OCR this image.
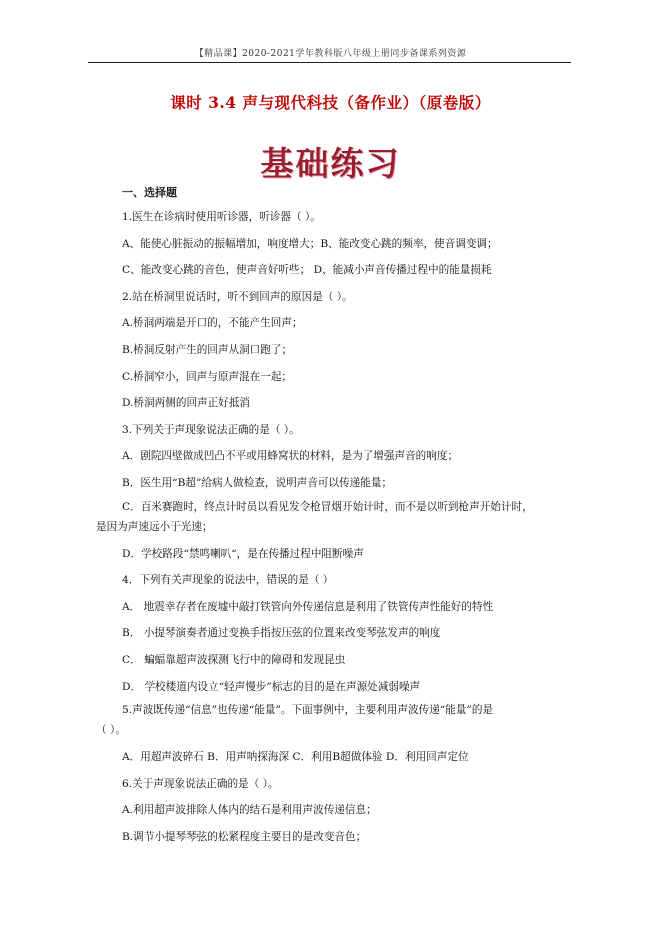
【精品课】2020-2021学年教科版八年级上册同步备课系列资源
课时 3.4 声与现代科技（备作业）（原卷版）
基础练习
一、选择题
1.医生在诊病时使用听诊器，听诊器（ ）。
A、能使心脏振动的振幅增加，响度增大；B、能改变心跳的频率，使音调变调；
C、能改变心跳的音色，使声音好听些； D、能减小声音传播过程中的能量损耗
2.站在桥洞里说话时，听不到回声的原因是（ ）。
A.桥洞两端是开口的，不能产生回声；
B.桥洞反射产生的回声从洞口跑了；
C.桥洞窄小，回声与原声混在一起；
D.桥洞两侧的回声正好抵消
3.下列关于声现象说法正确的是（ ）。
A．剧院四壁做成凹凸不平或用蜂窝状的材料，是为了增强声音的响度；
B．医生用“B超”给病人做检查，说明声音可以传递能量；
C．百米赛跑时，终点计时员以看见发令枪冒烟开始计时，而不是以听到枪声开始计时，
是因为声速远小于光速；
D．学校路段“禁鸣喇叭“，是在传播过程中阻断噪声
4．下列有关声现象的说法中，错误的是（ ）
A． 地震幸存者在废墟中敲打铁管向外传递信息是利用了铁管传声性能好的特性
B． 小提琴演奏者通过变换手指按压弦的位置来改变琴弦发声的响度
C． 蝙蝠靠超声波探测飞行中的障碍和发现昆虫
D． 学校楼道内设立“轻声慢步”标志的目的是在声源处减弱噪声
5.声波既传递“信息”也传递“能量”。下面事例中，主要利用声波传递“能量”的是
（ ）。
A．用超声波碎石 B．用声呐探海深 C．利用B超做体验 D．利用回声定位
6.关于声现象说法正确的是（ ）。
A.利用超声波排除人体内的结石是利用声波传递信息；
B.调节小提琴琴弦的松紧程度主要目的是改变音色；
